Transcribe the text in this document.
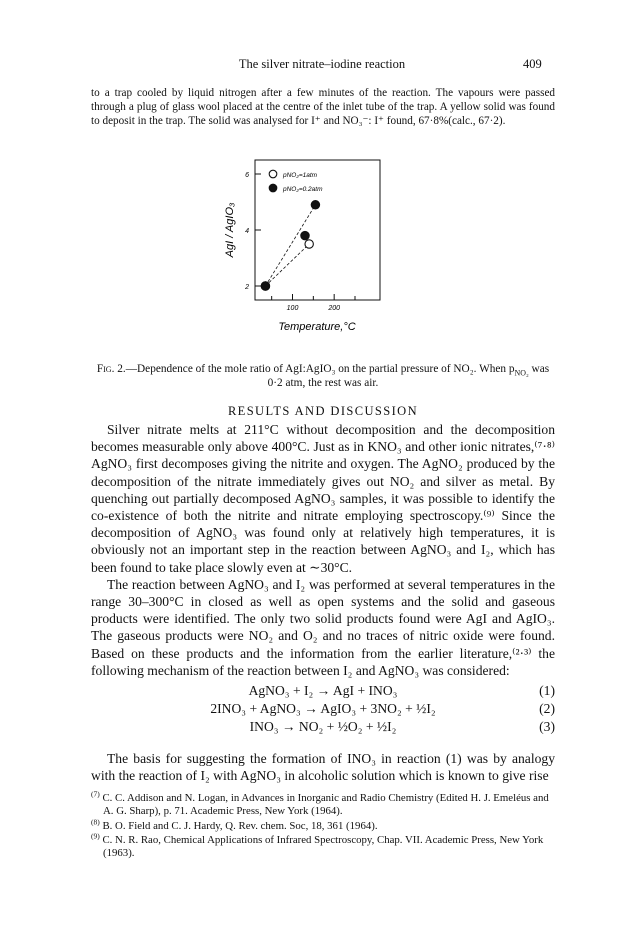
The silver nitrate–iodine reaction	409

to a trap cooled by liquid nitrogen after a few minutes of the reaction. The vapours were passed through a plug of glass wool placed at the centre of the inlet tube of the trap. A yellow solid was found to deposit in the trap. The solid was analysed for I⁺ and NO₃⁻: I⁺ found, 67·8%(calc., 67·2).

2
4
6
100	200
pNO₂=1atm
pNO₂=0.2atm
AgI / AgIO₃
Temperature,°C
Fig. 2.—Dependence of the mole ratio of AgI:AgIO₃ on the partial pressure of NO₂. When $p_{NO_2}$ was 0·2 atm, the rest was air.
RESULTS AND DISCUSSION

Silver nitrate melts at 211°C without decomposition and the decomposition becomes measurable only above 400°C. Just as in KNO₃ and other ionic nitrates,⁽⁷·⁸⁾ AgNO₃ first decomposes giving the nitrite and oxygen. The AgNO₂ produced by the decomposition of the nitrate immediately gives out NO₂ and silver as metal. By quenching out partially decomposed AgNO₃ samples, it was possible to identify the co-existence of both the nitrite and nitrate employing spectroscopy.⁽⁹⁾ Since the decomposition of AgNO₃ was found only at relatively high temperatures, it is obviously not an important step in the reaction between AgNO₃ and I₂, which has been found to take place slowly even at ∼30°C.

The reaction between AgNO₃ and I₂ was performed at several temperatures in the range 30–300°C in closed as well as open systems and the solid and gaseous products were identified. The only two solid products found were AgI and AgIO₃. The gaseous products were NO₂ and O₂ and no traces of nitric oxide were found. Based on these products and the information from the earlier literature,⁽²·³⁾ the following mechanism of the reaction between I₂ and AgNO₃ was considered:

AgNO₃ + I₂ → AgI + INO₃	(1)
2INO₃ + AgNO₃ → AgIO₃ + 3NO₂ + ½I₂	(2)
INO₃ → NO₂ + ½O₂ + ½I₂	(3)

The basis for suggesting the formation of INO₃ in reaction (1) was by analogy with the reaction of I₂ with AgNO₃ in alcoholic solution which is known to give rise

$^{(7)}$ C. C. Addison and N. Logan, in Advances in Inorganic and Radio Chemistry (Edited H. J. Emeléus and A. G. Sharp), p. 71. Academic Press, New York (1964).
$^{(8)}$ B. O. Field and C. J. Hardy, Q. Rev. chem. Soc, 18, 361 (1964).
$^{(9)}$ C. N. R. Rao, Chemical Applications of Infrared Spectroscopy, Chap. VII. Academic Press, New York (1963).
